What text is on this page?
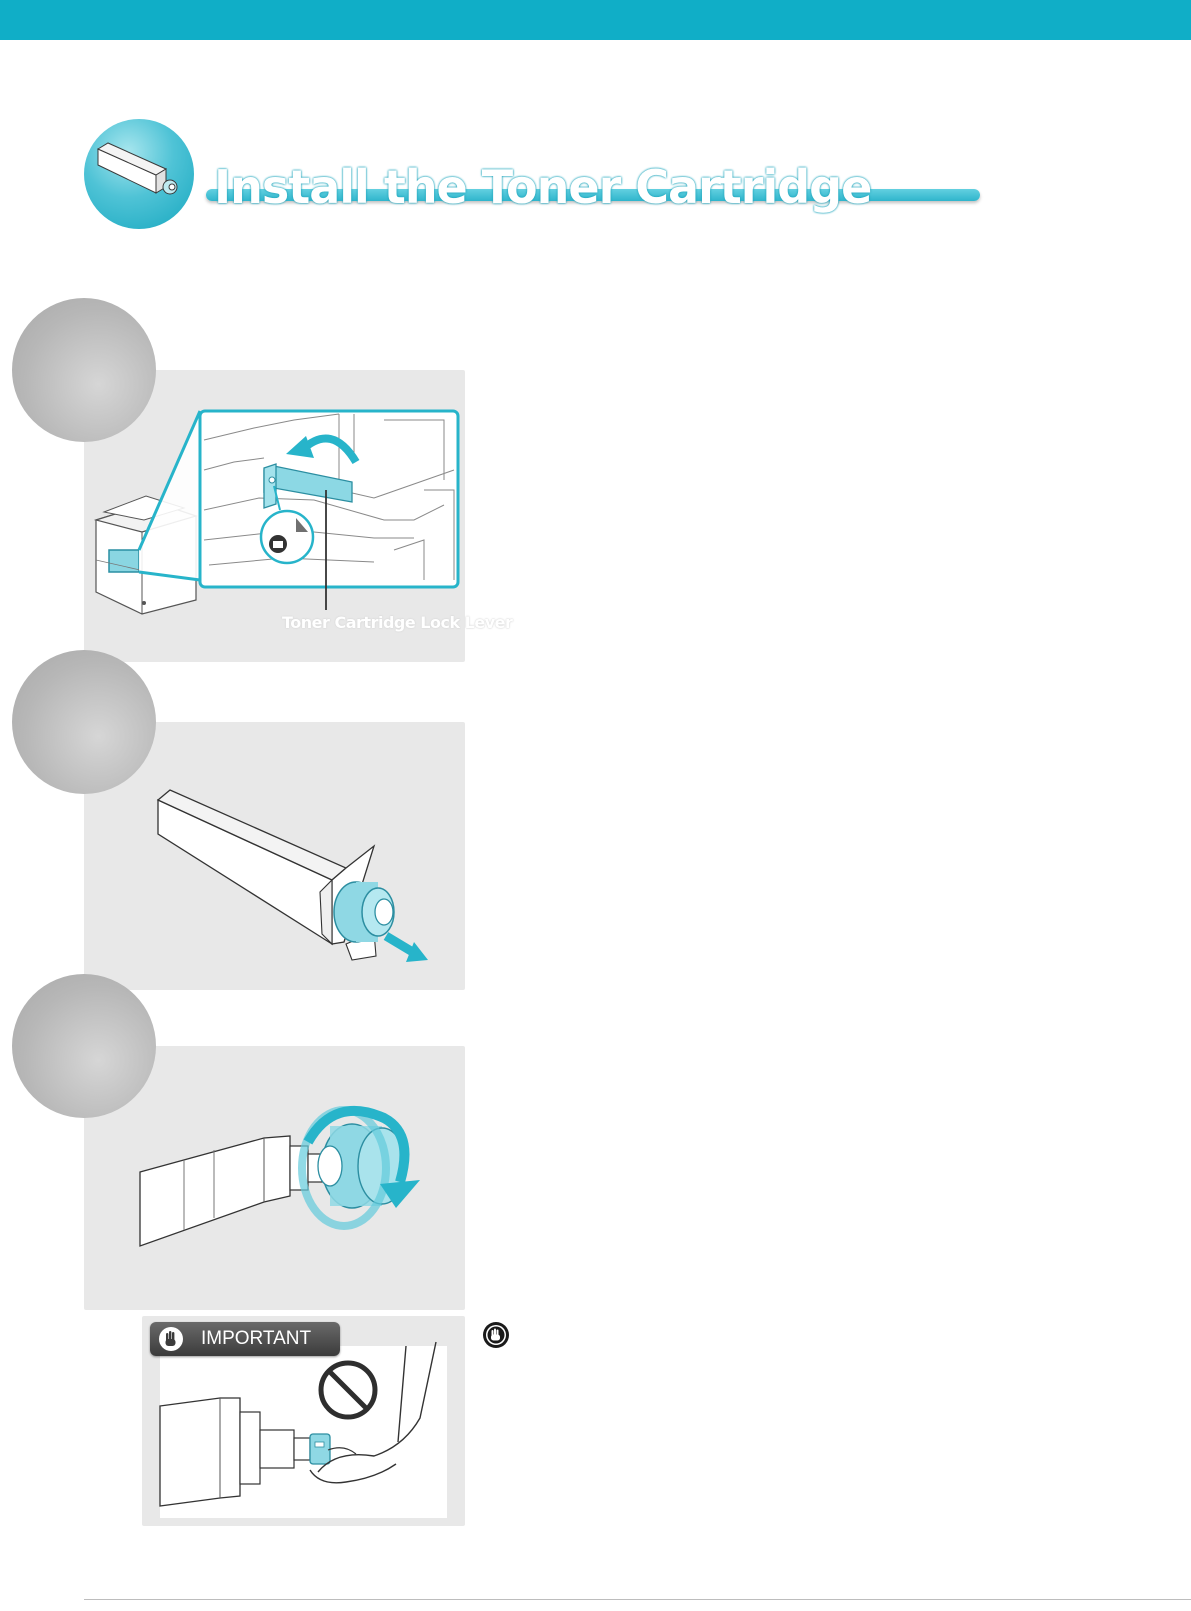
Install the Toner Cartridge
Toner Cartridge Lock Lever
IMPORTANT
